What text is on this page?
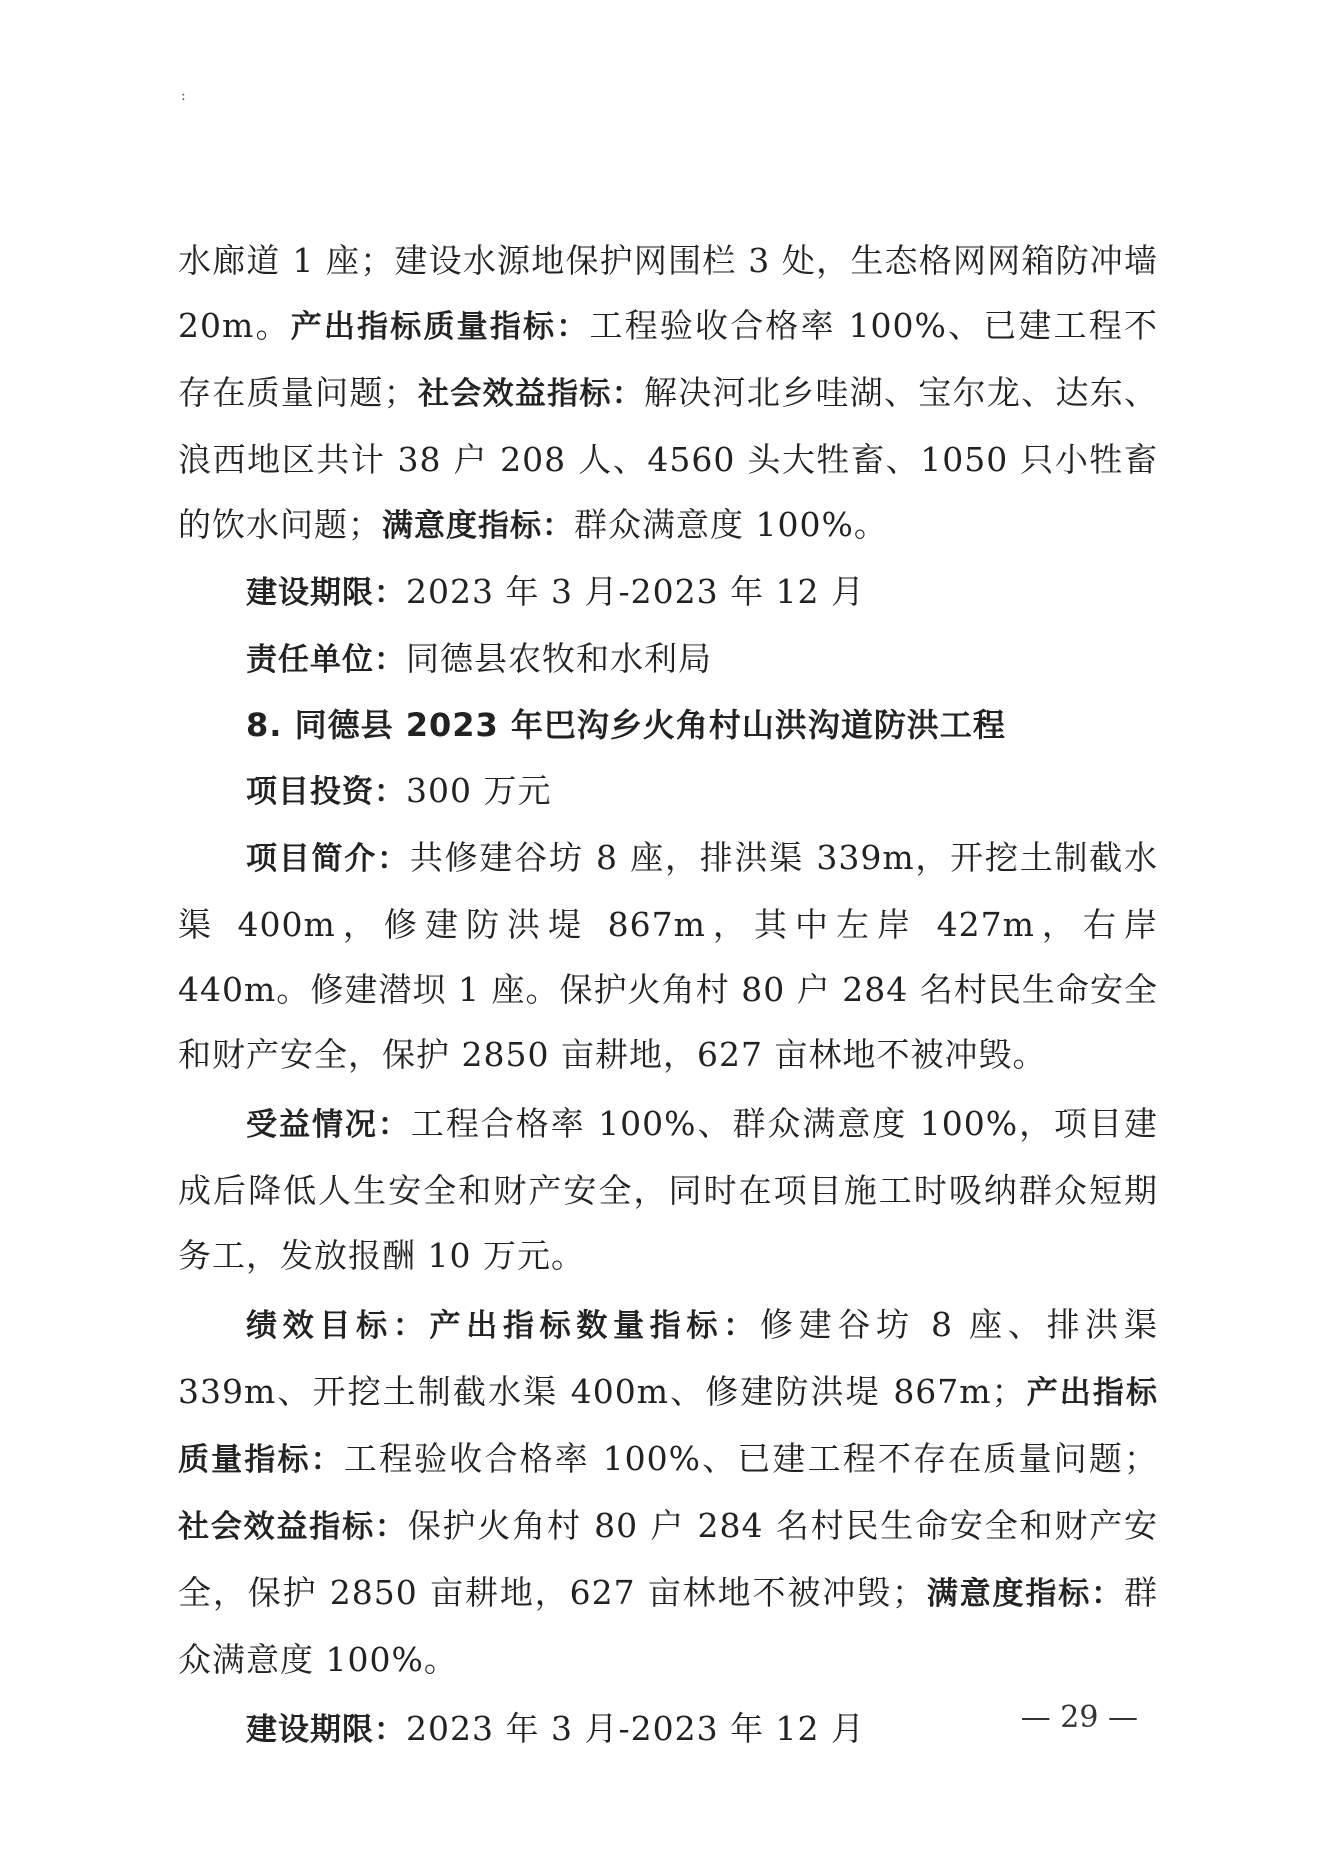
:

水廊道 1 座；建设水源地保护网围栏 3 处，生态格网网箱防冲墙 20m。产出指标质量指标：工程验收合格率 100%、已建工程不存在质量问题；社会效益指标：解决河北乡哇湖、宝尔龙、达东、浪西地区共计 38 户 208 人、4560 头大牲畜、1050 只小牲畜的饮水问题；满意度指标：群众满意度 100%。

建设期限：2023 年 3 月-2023 年 12 月

责任单位：同德县农牧和水利局

8. 同德县 2023 年巴沟乡火角村山洪沟道防洪工程

项目投资：300 万元

项目简介：共修建谷坊 8 座，排洪渠 339m，开挖土制截水渠 400m，修建防洪堤 867m，其中左岸 427m，右岸 440m。修建潜坝 1 座。保护火角村 80 户 284 名村民生命安全和财产安全，保护 2850 亩耕地，627 亩林地不被冲毁。

受益情况：工程合格率 100%、群众满意度 100%，项目建成后降低人生安全和财产安全，同时在项目施工时吸纳群众短期务工，发放报酬 10 万元。

绩效目标：产出指标数量指标：修建谷坊 8 座、排洪渠 339m、开挖土制截水渠 400m、修建防洪堤 867m；产出指标质量指标：工程验收合格率 100%、已建工程不存在质量问题；社会效益指标：保护火角村 80 户 284 名村民生命安全和财产安全，保护 2850 亩耕地，627 亩林地不被冲毁；满意度指标：群众满意度 100%。

建设期限：2023 年 3 月-2023 年 12 月	— 29 —
